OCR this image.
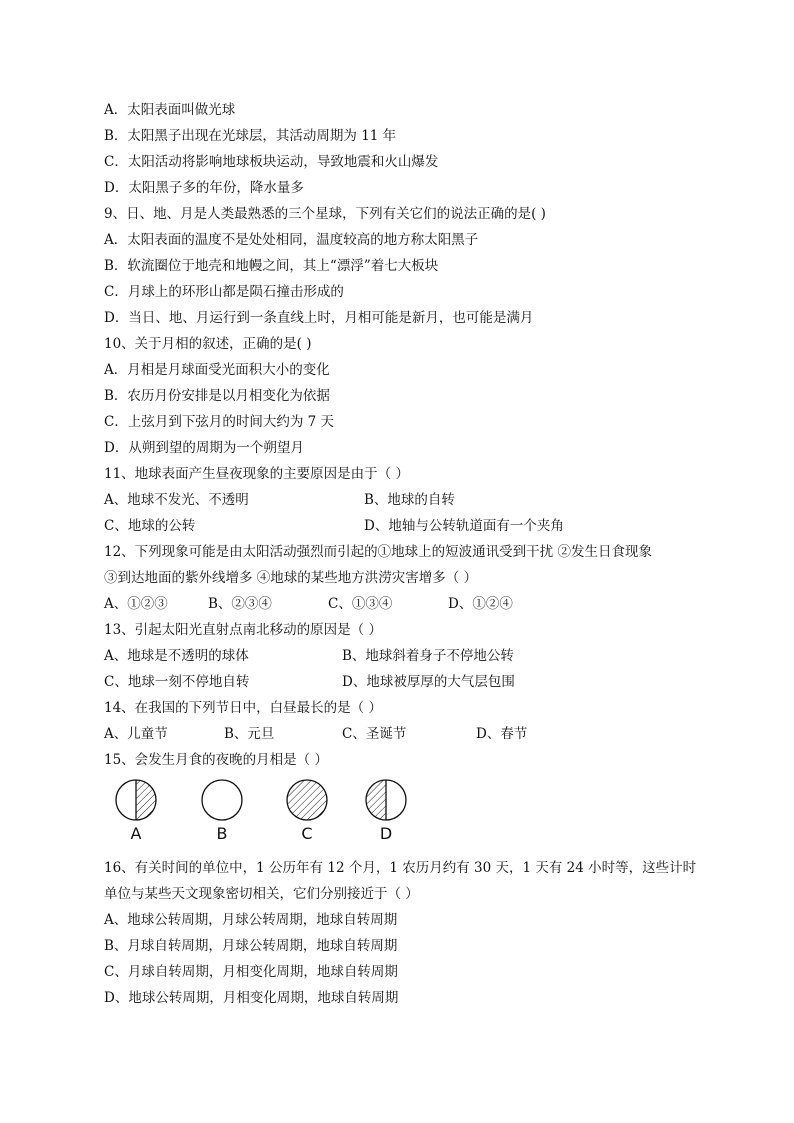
A．太阳表面叫做光球
B．太阳黑子出现在光球层，其活动周期为 11 年
C．太阳活动将影响地球板块运动，导致地震和火山爆发
D．太阳黑子多的年份，降水量多
9、日、地、月是人类最熟悉的三个星球，下列有关它们的说法正确的是( )
A．太阳表面的温度不是处处相同，温度较高的地方称太阳黑子
B．软流圈位于地壳和地幔之间，其上“漂浮”着七大板块
C．月球上的环形山都是陨石撞击形成的
D．当日、地、月运行到一条直线上时，月相可能是新月，也可能是满月
10、关于月相的叙述，正确的是( )
A．月相是月球面受光面积大小的变化
B．农历月份安排是以月相变化为依据
C．上弦月到下弦月的时间大约为 7 天
D．从朔到望的周期为一个朔望月
11、地球表面产生昼夜现象的主要原因是由于（ ）
A、地球不发光、不透明	B、地球的自转
C、地球的公转	D、地轴与公转轨道面有一个夹角
12、下列现象可能是由太阳活动强烈而引起的①地球上的短波通讯受到干扰 ②发生日食现象
③到达地面的紫外线增多 ④地球的某些地方洪涝灾害增多（ ）
A、①②③	B、②③④	C、①③④	D、①②④
13、引起太阳光直射点南北移动的原因是（ ）
A、地球是不透明的球体	B、地球斜着身子不停地公转
C、地球一刻不停地自转	D、地球被厚厚的大气层包围
14、在我国的下列节日中，白昼最长的是（ ）
A、儿童节	B、元旦	C、圣诞节	D、春节
15、会发生月食的夜晚的月相是（ ）
A	B	C	D
16、有关时间的单位中，1 公历年有 12 个月，1 农历月约有 30 天，1 天有 24 小时等，这些计时
单位与某些天文现象密切相关，它们分别接近于（ ）
A、地球公转周期，月球公转周期，地球自转周期
B、月球自转周期，月球公转周期，地球自转周期
C、月球自转周期，月相变化周期，地球自转周期
D、地球公转周期，月相变化周期，地球自转周期
